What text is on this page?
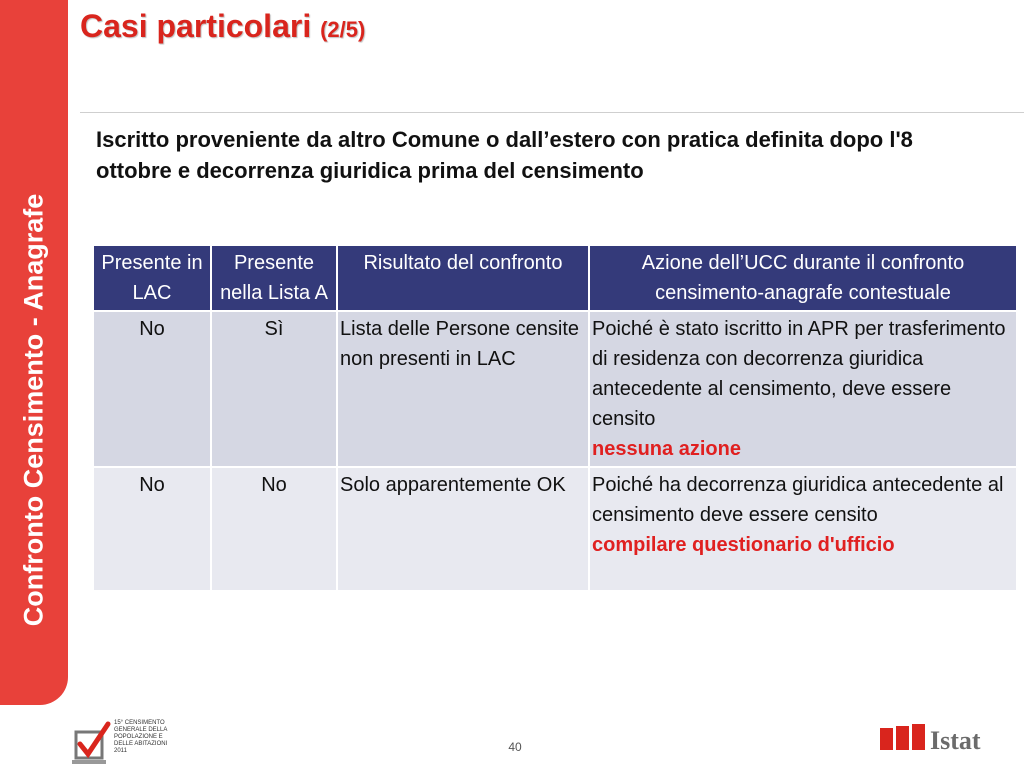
Confronto Censimento - Anagrafe
Casi particolari (2/5)
Iscritto proveniente da altro Comune o dall’estero con pratica definita dopo l'8 ottobre e decorrenza giuridica prima del censimento
Presente in LAC	Presente nella Lista A	Risultato del confronto	Azione dell’UCC durante il confronto censimento-anagrafe contestuale
No	Sì	Lista delle Persone censite non presenti in LAC	Poiché è stato iscritto in APR per trasferimento di residenza con decorrenza giuridica antecedente al censimento, deve essere censito
nessuna azione
No	No	Solo apparentemente OK	Poiché ha decorrenza giuridica antecedente al censimento deve essere censito
compilare questionario d'ufficio
15° CENSIMENTO GENERALE DELLA POPOLAZIONE E DELLE ABITAZIONI 2011	40	Istat
